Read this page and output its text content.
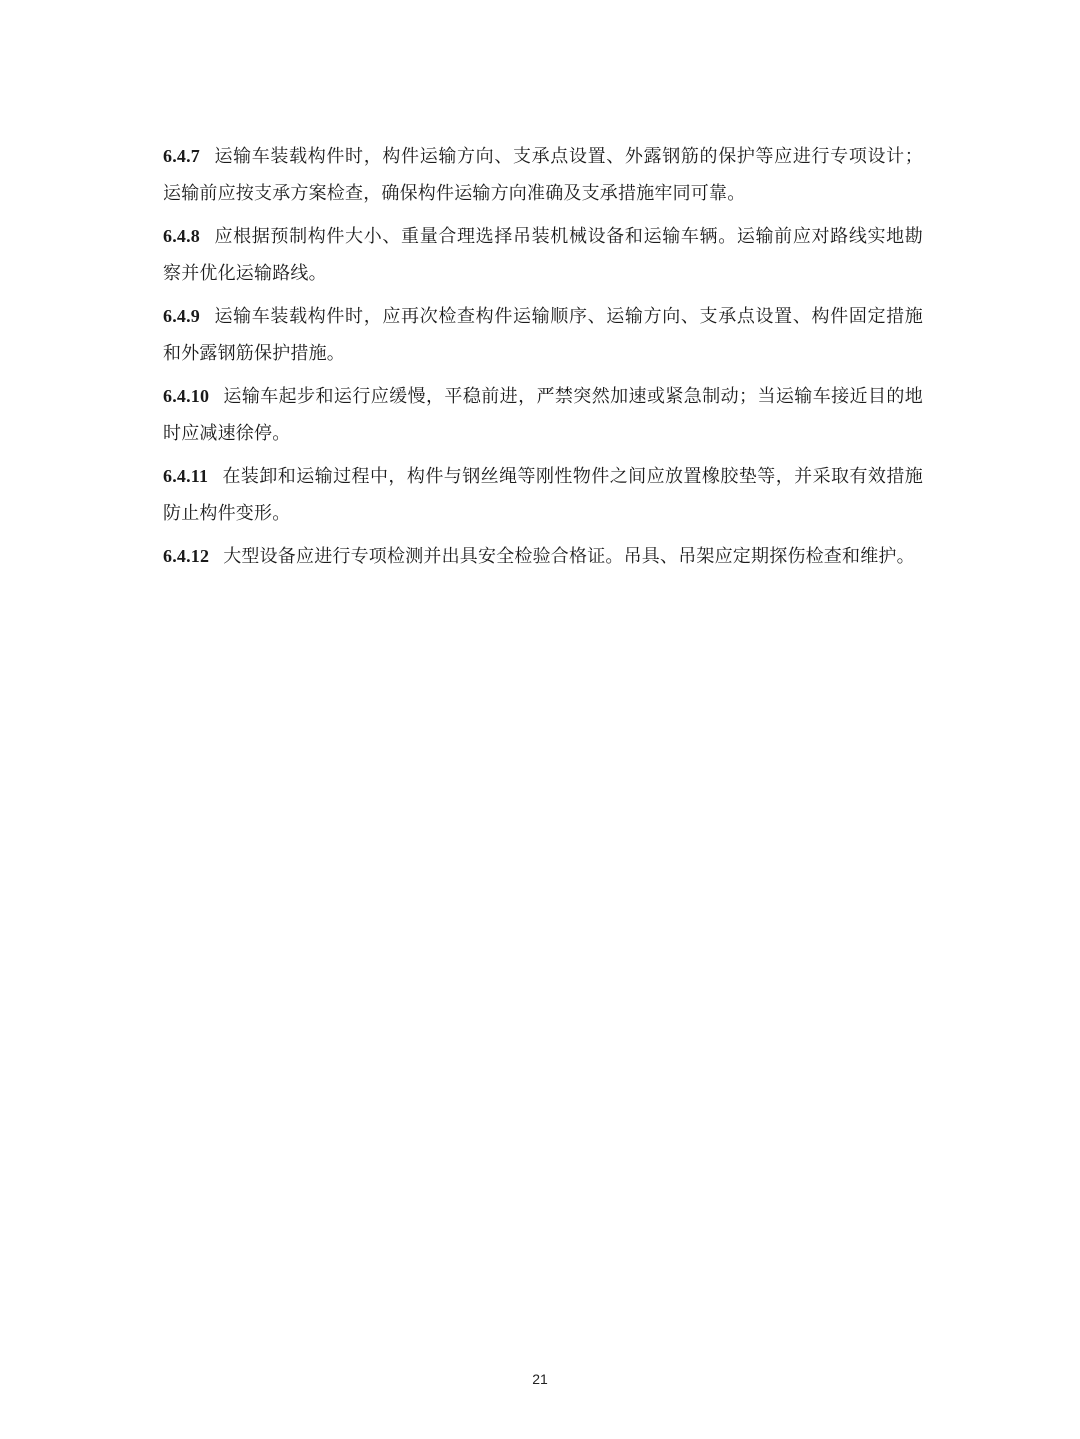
6.4.7 运输车装载构件时，构件运输方向、支承点设置、外露钢筋的保护等应进行专项设计；运输前应按支承方案检查，确保构件运输方向准确及支承措施牢同可靠。

6.4.8 应根据预制构件大小、重量合理选择吊装机械设备和运输车辆。运输前应对路线实地勘察并优化运输路线。

6.4.9 运输车装载构件时，应再次检查构件运输顺序、运输方向、支承点设置、构件固定措施和外露钢筋保护措施。

6.4.10 运输车起步和运行应缓慢，平稳前进，严禁突然加速或紧急制动；当运输车接近目的地时应减速徐停。

6.4.11 在装卸和运输过程中，构件与钢丝绳等刚性物件之间应放置橡胶垫等，并采取有效措施防止构件变形。

6.4.12 大型设备应进行专项检测并出具安全检验合格证。吊具、吊架应定期探伤检查和维护。

21
